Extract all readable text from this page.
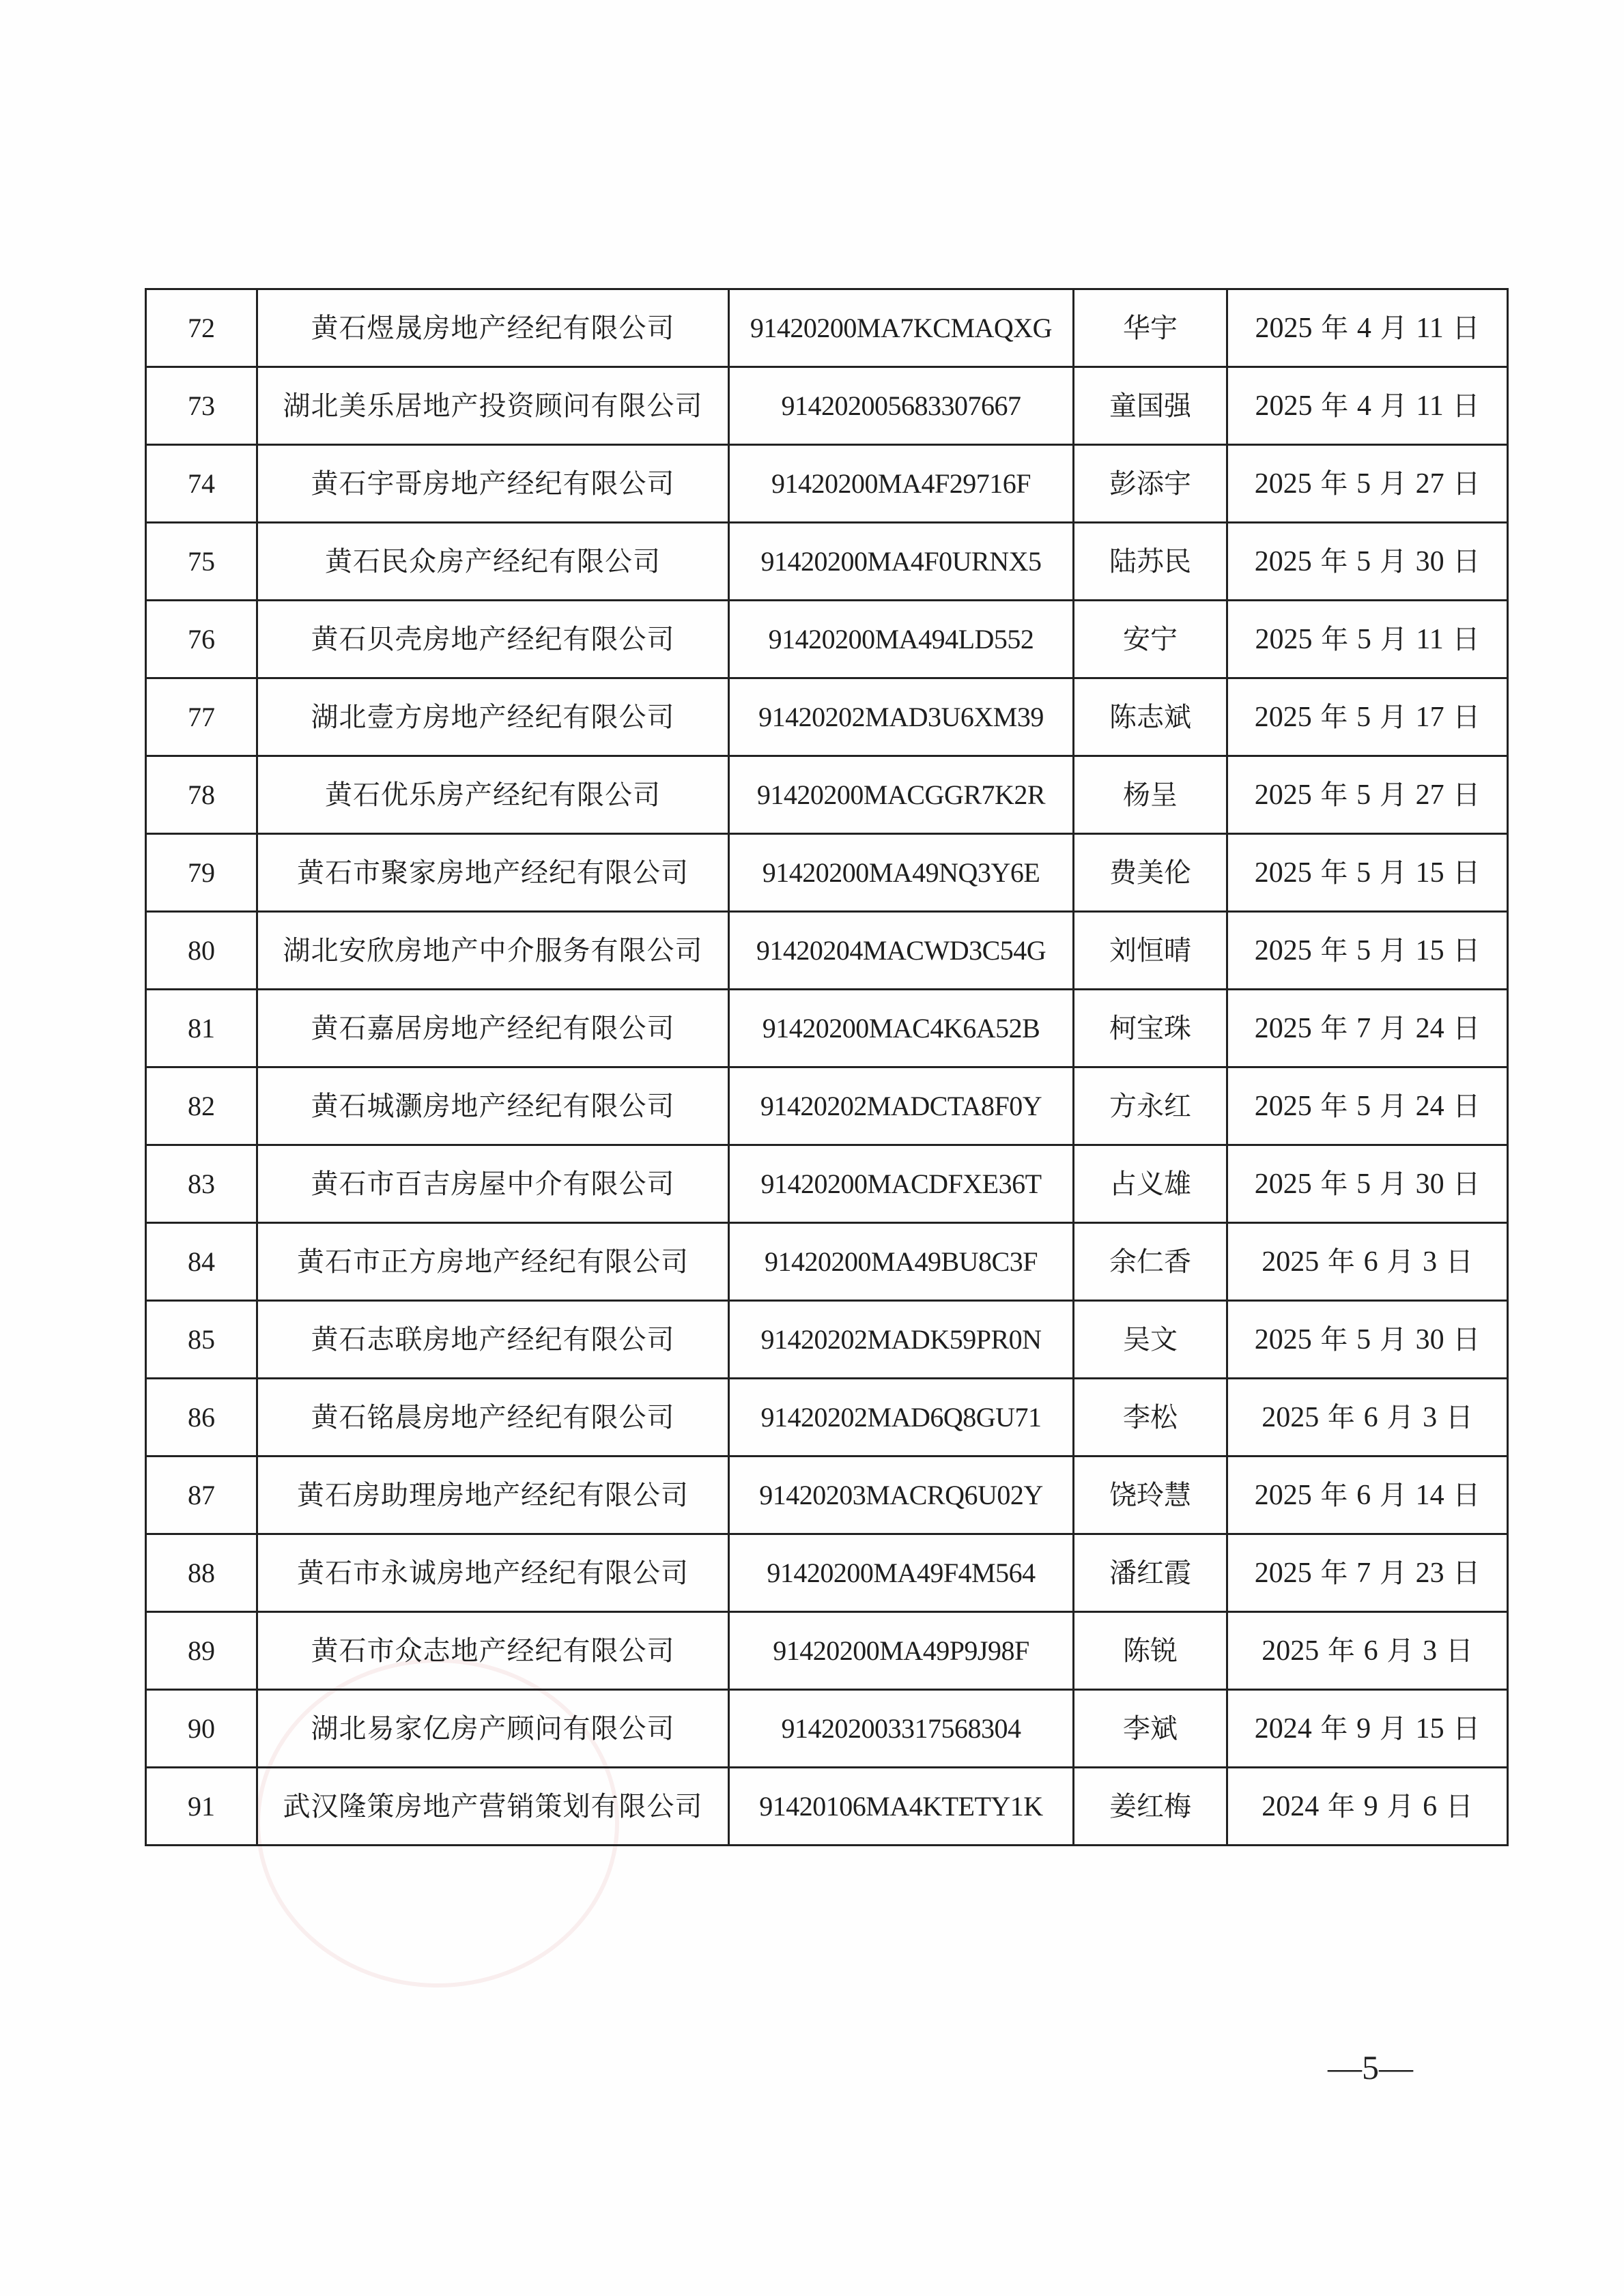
72	黄石煜晟房地产经纪有限公司	91420200MA7KCMAQXG	华宇	2025 年 4 月 11 日
73	湖北美乐居地产投资顾问有限公司	914202005683307667	童国强	2025 年 4 月 11 日
74	黄石宇哥房地产经纪有限公司	91420200MA4F29716F	彭添宇	2025 年 5 月 27 日
75	黄石民众房产经纪有限公司	91420200MA4F0URNX5	陆苏民	2025 年 5 月 30 日
76	黄石贝壳房地产经纪有限公司	91420200MA494LD552	安宁	2025 年 5 月 11 日
77	湖北壹方房地产经纪有限公司	91420202MAD3U6XM39	陈志斌	2025 年 5 月 17 日
78	黄石优乐房产经纪有限公司	91420200MACGGR7K2R	杨呈	2025 年 5 月 27 日
79	黄石市聚家房地产经纪有限公司	91420200MA49NQ3Y6E	费美伦	2025 年 5 月 15 日
80	湖北安欣房地产中介服务有限公司	91420204MACWD3C54G	刘恒晴	2025 年 5 月 15 日
81	黄石嘉居房地产经纪有限公司	91420200MAC4K6A52B	柯宝珠	2025 年 7 月 24 日
82	黄石城灏房地产经纪有限公司	91420202MADCTA8F0Y	方永红	2025 年 5 月 24 日
83	黄石市百吉房屋中介有限公司	91420200MACDFXE36T	占义雄	2025 年 5 月 30 日
84	黄石市正方房地产经纪有限公司	91420200MA49BU8C3F	余仁香	2025 年 6 月 3 日
85	黄石志联房地产经纪有限公司	91420202MADK59PR0N	吴文	2025 年 5 月 30 日
86	黄石铭晨房地产经纪有限公司	91420202MAD6Q8GU71	李松	2025 年 6 月 3 日
87	黄石房助理房地产经纪有限公司	91420203MACRQ6U02Y	饶玲慧	2025 年 6 月 14 日
88	黄石市永诚房地产经纪有限公司	91420200MA49F4M564	潘红霞	2025 年 7 月 23 日
89	黄石市众志地产经纪有限公司	91420200MA49P9J98F	陈锐	2025 年 6 月 3 日
90	湖北易家亿房产顾问有限公司	914202003317568304	李斌	2024 年 9 月 15 日
91	武汉隆策房地产营销策划有限公司	91420106MA4KTETY1K	姜红梅	2024 年 9 月 6 日
—5—
